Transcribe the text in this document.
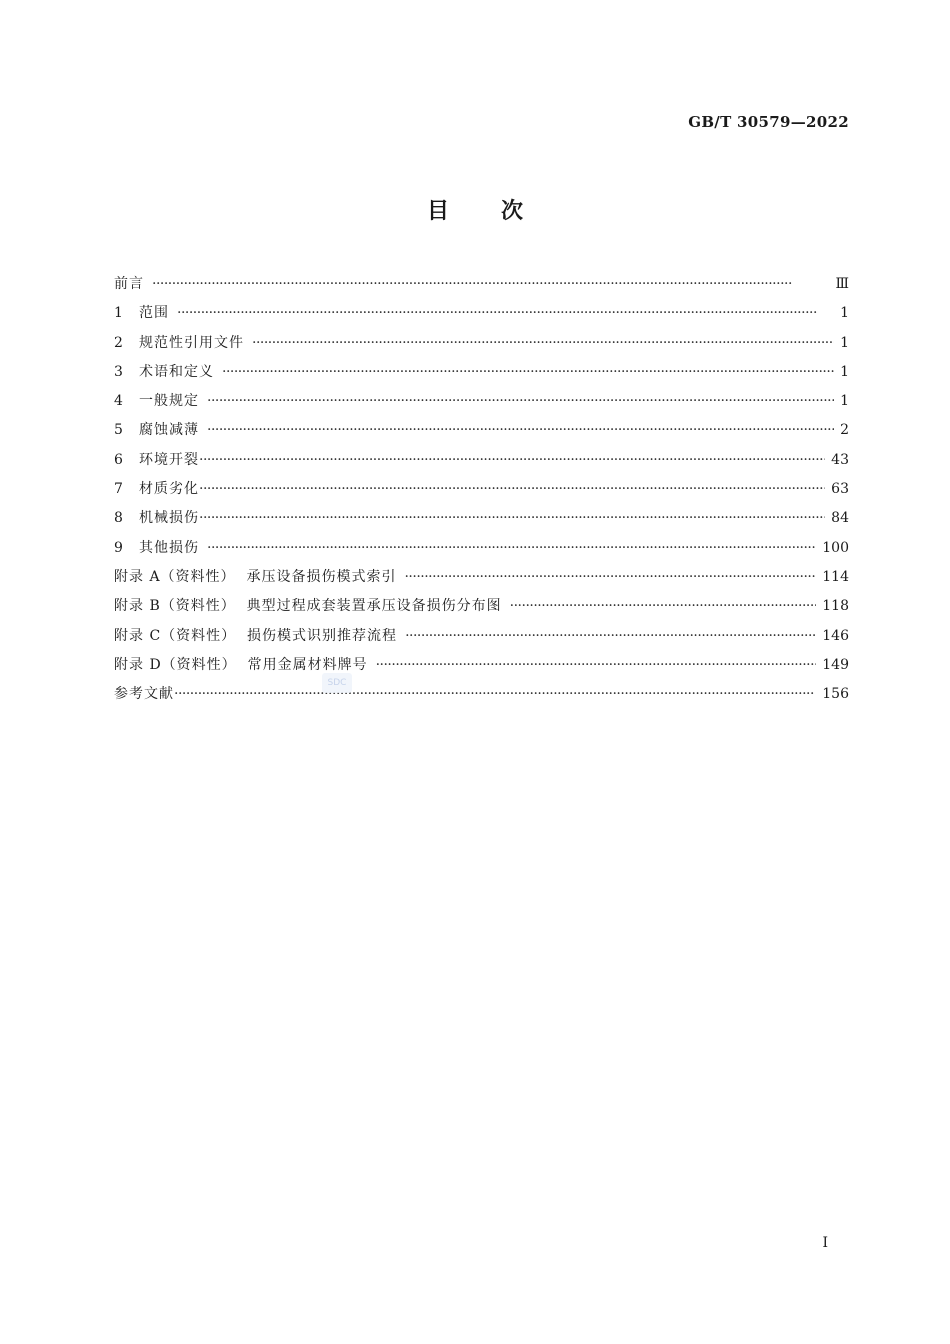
GB/T 30579—2022
目次
前言 ·····	Ⅲ
1	范围 ·····	1
2	规范性引用文件 ·····	1
3	术语和定义 ·····	1
4	一般规定 ·····	1
5	腐蚀减薄 ·····	2
6	环境开裂 ·····	43
7	材质劣化 ·····	63
8	机械损伤 ·····	84
9	其他损伤 ·····	100
附录 A（资料性）  承压设备损伤模式索引 ·····	114
附录 B（资料性）  典型过程成套装置承压设备损伤分布图 ·····	118
附录 C（资料性）  损伤模式识别推荐流程 ·····	146
附录 D（资料性）  常用金属材料牌号 ·····	149
参考文献 ·····	156
SDC
I
